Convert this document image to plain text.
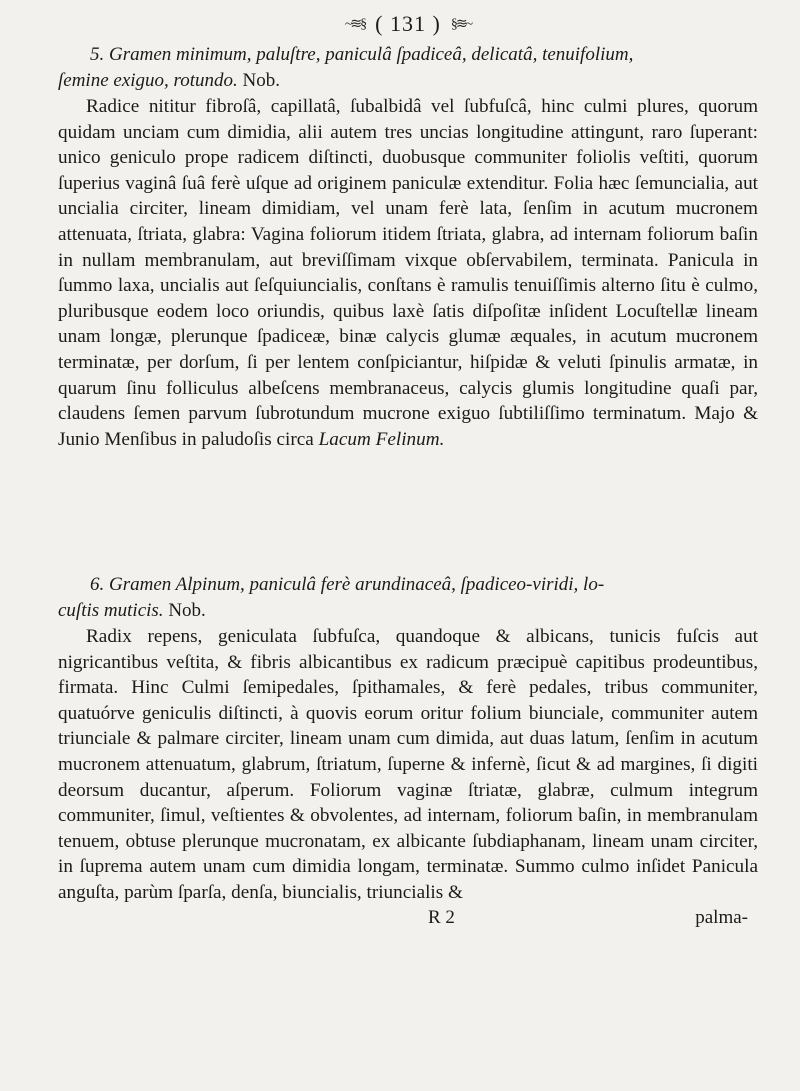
~≋§ ( 131 ) §≋~

5. Gramen minimum, paluſtre, paniculâ ſpadiceâ, delicatâ, tenuifolium,

ſemine exiguo, rotundo. Nob.

Radice nititur fibroſâ, capillatâ, ſubalbidâ vel ſubfuſcâ, hinc culmi plures, quorum quidam unciam cum dimidia, alii autem tres uncias longitudine attingunt, raro ſuperant: unico geniculo prope radicem diſtincti, duobusque communiter foliolis veſtiti, quorum ſuperius vaginâ ſuâ ferè uſque ad originem paniculæ extenditur. Folia hæc ſemuncialia, aut uncialia circiter, lineam dimidiam, vel unam ferè lata, ſenſim in acutum mucronem attenuata, ſtriata, glabra: Vagina foliorum itidem ſtriata, glabra, ad internam foliorum baſin in nullam membranulam, aut breviſſimam vixque obſervabilem, terminata. Panicula in ſummo laxa, uncialis aut ſeſquiuncialis, conſtans è ramulis tenuiſſimis alterno ſitu è culmo, pluribusque eodem loco oriundis, quibus laxè ſatis diſpoſitæ inſident Locuſtellæ lineam unam longæ, plerunque ſpadiceæ, binæ calycis glumæ æquales, in acutum mucronem terminatæ, per dorſum, ſi per lentem conſpiciantur, hiſpidæ & veluti ſpinulis armatæ, in quarum ſinu folliculus albeſcens membranaceus, calycis glumis longitudine quaſi par, claudens ſemen parvum ſubrotundum mucrone exiguo ſubtiliſſimo terminatum. Majo & Junio Menſibus in paludoſis circa Lacum Felinum.

6. Gramen Alpinum, paniculâ ferè arundinaceâ, ſpadiceo-viridi, lo-

cuſtis muticis. Nob.

Radix repens, geniculata ſubfuſca, quandoque & albicans, tunicis fuſcis aut nigricantibus veſtita, & fibris albicantibus ex radicum præcipuè capitibus prodeuntibus, firmata. Hinc Culmi ſemipedales, ſpithamales, & ferè pedales, tribus communiter, quatuórve geniculis diſtincti, à quovis eorum oritur folium biunciale, communiter autem triunciale & palmare circiter, lineam unam cum dimida, aut duas latum, ſenſim in acutum mucronem attenuatum, glabrum, ſtriatum, ſuperne & infernè, ſicut & ad margines, ſi digiti deorsum ducantur, aſperum. Foliorum vaginæ ſtriatæ, glabræ, culmum integrum communiter, ſimul, veſtientes & obvolentes, ad internam, foliorum baſin, in membranulam tenuem, obtuse plerunque mucronatam, ex albicante ſubdiaphanam, lineam unam circiter, in ſuprema autem unam cum dimidia longam, terminatæ. Summo culmo inſidet Panicula anguſta, parùm ſparſa, denſa, biuncialis, triuncialis &

R 2	palma-
